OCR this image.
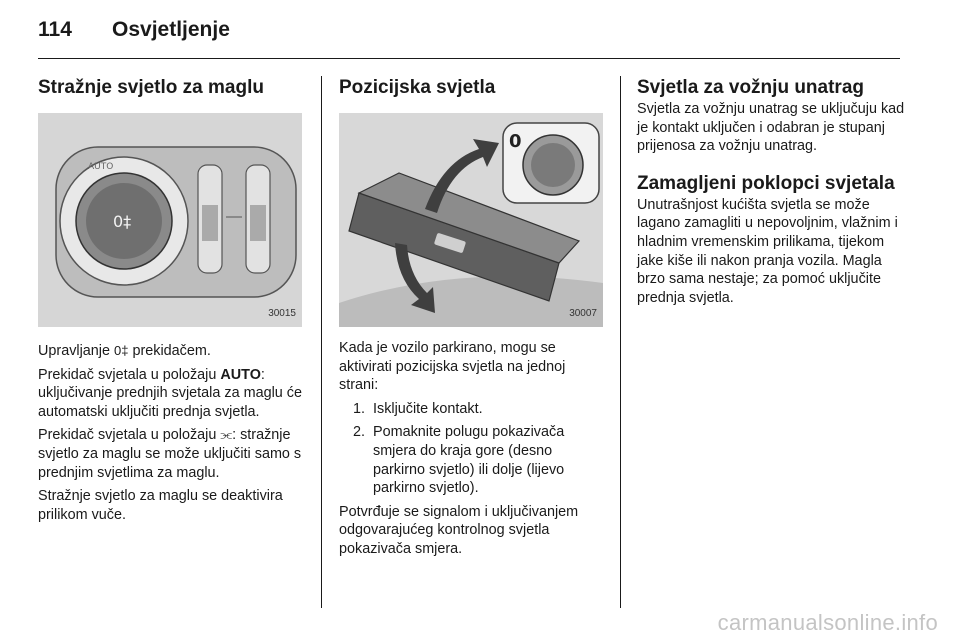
114 Osvjetljenje
Stražnje svjetlo za maglu
0‡
AUTO
30015

Upravljanje 0‡ prekidačem.

Prekidač svjetala u položaju AUTO: uključivanje prednjih svjetala za maglu će automatski uključiti prednja svjetla.

Prekidač svjetala u položaju ⫘: stražnje svjetlo za maglu se može uključiti samo s prednjim svjetlima za maglu.

Stražnje svjetlo za maglu se deaktivira prilikom vuče.

Pozicijska svjetla
0
30007

Kada je vozilo parkirano, mogu se aktivirati pozicijska svjetla na jednoj strani:

1. Isključite kontakt.
2. Pomaknite polugu pokazivača smjera do kraja gore (desno parkirno svjetlo) ili dolje (lijevo parkirno svjetlo).

Potvrđuje se signalom i uključivanjem odgovarajućeg kontrolnog svjetla pokazivača smjera.

Svjetla za vožnju unatrag

Svjetla za vožnju unatrag se uključuju kad je kontakt uključen i odabran je stupanj prijenosa za vožnju unatrag.

Zamagljeni poklopci svjetala

Unutrašnjost kućišta svjetla se može lagano zamagliti u nepovoljnim, vlažnim i hladnim vremenskim prilikama, tijekom jake kiše ili nakon pranja vozila. Magla brzo sama nestaje; za pomoć uključite prednja svjetla.

carmanualsonline.info
